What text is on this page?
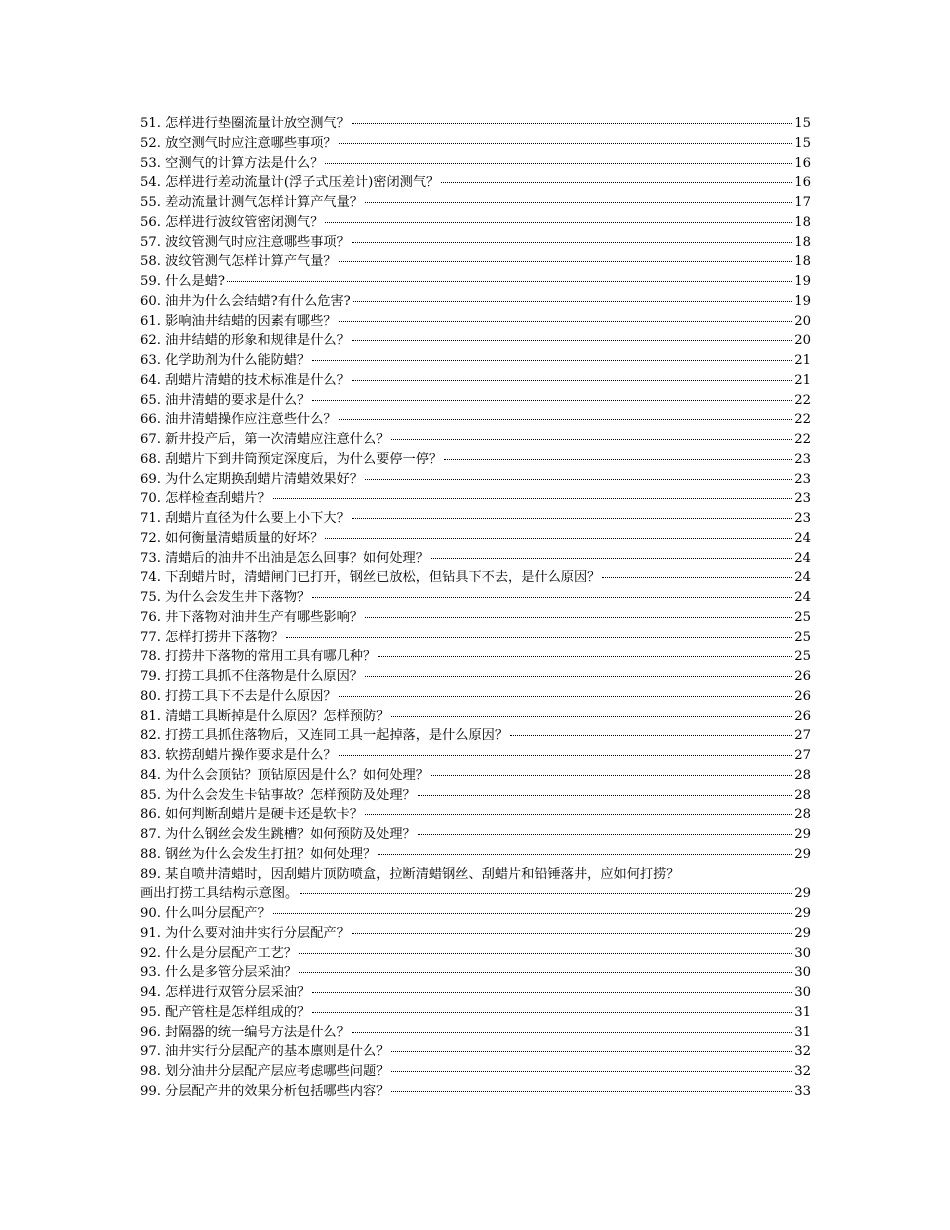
51. 怎样进行垫圈流量计放空测气？	15
52. 放空测气时应注意哪些事项？	15
53. 空测气的计算方法是什么？	16
54. 怎样进行差动流量计(浮子式压差计)密闭测气？	16
55. 差动流量计测气怎样计算产气量？	17
56. 怎样进行波纹管密闭测气？	18
57. 波纹管测气时应注意哪些事项？	18
58. 波纹管测气怎样计算产气量？	18
59. 什么是蜡?	19
60. 油井为什么会结蜡?有什么危害?	19
61. 影响油井结蜡的因素有哪些？	20
62. 油井结蜡的形象和规律是什么？	20
63. 化学助剂为什么能防蜡？	21
64. 刮蜡片清蜡的技术标准是什么？	21
65. 油井清蜡的要求是什么？	22
66. 油井清蜡操作应注意些什么？	22
67. 新井投产后，第一次清蜡应注意什么？	22
68. 刮蜡片下到井筒预定深度后，为什么要停一停？	23
69. 为什么定期换刮蜡片清蜡效果好？	23
70. 怎样检查刮蜡片？	23
71. 刮蜡片直径为什么要上小下大？	23
72. 如何衡量清蜡质量的好坏？	24
73. 清蜡后的油井不出油是怎么回事？如何处理？	24
74. 下刮蜡片时，清蜡闸门已打开，钢丝已放松，但钻具下不去，是什么原因？	24
75. 为什么会发生井下落物？	24
76. 井下落物对油井生产有哪些影响？	25
77. 怎样打捞井下落物？	25
78. 打捞井下落物的常用工具有哪几种？	25
79. 打捞工具抓不住落物是什么原因？	26
80. 打捞工具下不去是什么原因？	26
81. 清蜡工具断掉是什么原因？怎样预防？	26
82. 打捞工具抓住落物后，又连同工具一起掉落，是什么原因？	27
83. 软捞刮蜡片操作要求是什么？	27
84. 为什么会顶钻？顶钻原因是什么？如何处理？	28
85. 为什么会发生卡钻事故？怎样预防及处理？	28
86. 如何判断刮蜡片是硬卡还是软卡？	28
87. 为什么钢丝会发生跳槽？如何预防及处理？	29
88. 钢丝为什么会发生打扭？如何处理？	29
89. 某自喷井清蜡时，因刮蜡片顶防喷盒，拉断清蜡钢丝、刮蜡片和铅锤落井，应如何打捞？
画出打捞工具结构示意图。	29
90. 什么叫分层配产？	29
91. 为什么要对油井实行分层配产？	29
92. 什么是分层配产工艺？	30
93. 什么是多管分层采油？	30
94. 怎样进行双管分层采油？	30
95. 配产管柱是怎样组成的？	31
96. 封隔器的统一编号方法是什么？	31
97. 油井实行分层配产的基本廪则是什么？	32
98. 划分油井分层配产层应考虑哪些问题？	32
99. 分层配产井的效果分析包括哪些内容？	33
